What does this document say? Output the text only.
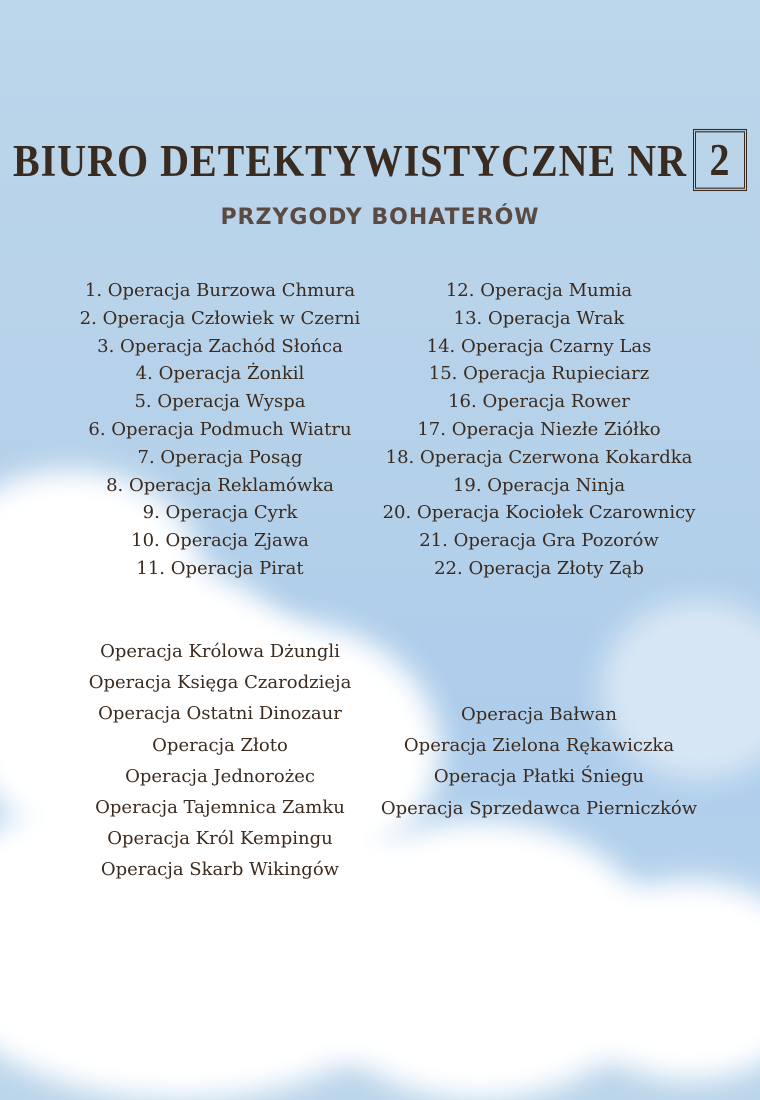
BIURO DETEKTYWISTYCZNE NR 2
PRZYGODY BOHATERÓW
1. Operacja Burzowa Chmura
2. Operacja Człowiek w Czerni
3. Operacja Zachód Słońca
4. Operacja Żonkil
5. Operacja Wyspa
6. Operacja Podmuch Wiatru
7. Operacja Posąg
8. Operacja Reklamówka
9. Operacja Cyrk
10. Operacja Zjawa
11. Operacja Pirat
12. Operacja Mumia
13. Operacja Wrak
14. Operacja Czarny Las
15. Operacja Rupieciarz
16. Operacja Rower
17. Operacja Niezłe Ziółko
18. Operacja Czerwona Kokardka
19. Operacja Ninja
20. Operacja Kociołek Czarownicy
21. Operacja Gra Pozorów
22. Operacja Złoty Ząb
Operacja Królowa Dżungli
Operacja Księga Czarodzieja
Operacja Ostatni Dinozaur
Operacja Złoto
Operacja Jednorożec
Operacja Tajemnica Zamku
Operacja Król Kempingu
Operacja Skarb Wikingów
Operacja Bałwan
Operacja Zielona Rękawiczka
Operacja Płatki Śniegu
Operacja Sprzedawca Pierniczków
